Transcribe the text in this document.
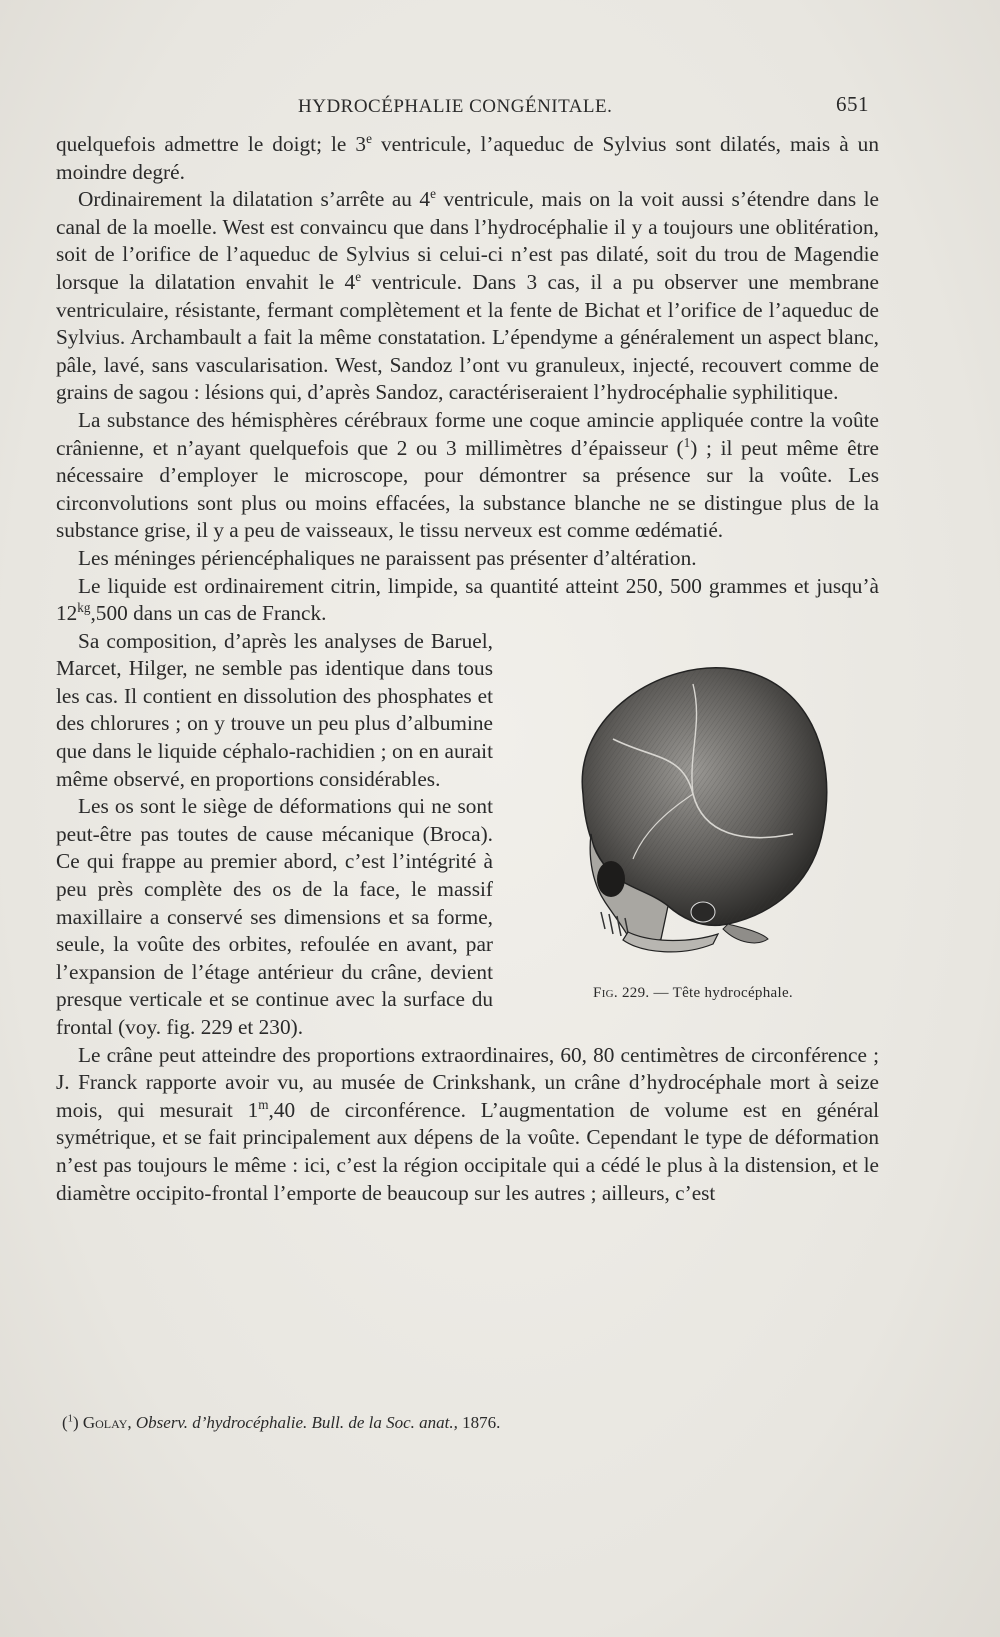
HYDROCÉPHALIE CONGÉNITALE.	651

quelquefois admettre le doigt; le 3e ventricule, l’aqueduc de Sylvius sont dilatés, mais à un moindre degré.

Ordinairement la dilatation s’arrête au 4e ventricule, mais on la voit aussi s’étendre dans le canal de la moelle. West est convaincu que dans l’hydrocéphalie il y a toujours une oblitération, soit de l’orifice de l’aqueduc de Sylvius si celui-ci n’est pas dilaté, soit du trou de Magendie lorsque la dilatation envahit le 4e ventricule. Dans 3 cas, il a pu observer une membrane ventriculaire, résistante, fermant complètement et la fente de Bichat et l’orifice de l’aqueduc de Sylvius. Archambault a fait la même constatation. L’épendyme a généralement un aspect blanc, pâle, lavé, sans vascularisation. West, Sandoz l’ont vu granuleux, injecté, recouvert comme de grains de sagou : lésions qui, d’après Sandoz, caractériseraient l’hydrocéphalie syphilitique.

La substance des hémisphères cérébraux forme une coque amincie appliquée contre la voûte crânienne, et n’ayant quelquefois que 2 ou 3 millimètres d’épaisseur ($^1$) ; il peut même être nécessaire d’employer le microscope, pour démontrer sa présence sur la voûte. Les circonvolutions sont plus ou moins effacées, la substance blanche ne se distingue plus de la substance grise, il y a peu de vaisseaux, le tissu nerveux est comme œdématié.

Les méninges périencéphaliques ne paraissent pas présenter d’altération.

Le liquide est ordinairement citrin, limpide, sa quantité atteint 250, 500 grammes et jusqu’à $12^{kg},500$ dans un cas de Franck.

Fig. 229. — Tête hydrocéphale.

Sa composition, d’après les analyses de Baruel, Marcet, Hilger, ne semble pas identique dans tous les cas. Il contient en dissolution des phosphates et des chlorures ; on y trouve un peu plus d’albumine que dans le liquide céphalo-rachidien ; on en aurait même observé, en proportions considérables.

Les os sont le siège de déformations qui ne sont peut-être pas toutes de cause mécanique (Broca). Ce qui frappe au premier abord, c’est l’intégrité à peu près complète des os de la face, le massif maxillaire a conservé ses dimensions et sa forme, seule, la voûte des orbites, refoulée en avant, par l’expansion de l’étage antérieur du crâne, devient presque verticale et se continue avec la surface du frontal (voy. fig. 229 et 230).

Le crâne peut atteindre des proportions extraordinaires, 60, 80 centimètres de circonférence ; J. Franck rapporte avoir vu, au musée de Crinkshank, un crâne d’hydrocéphale mort à seize mois, qui mesurait 1$^m$,40 de circonférence. L’augmentation de volume est en général symétrique, et se fait principalement aux dépens de la voûte. Cependant le type de déformation n’est pas toujours le même : ici, c’est la région occipitale qui a cédé le plus à la distension, et le diamètre occipito-frontal l’emporte de beaucoup sur les autres ; ailleurs, c’est

($^1$) Golay, Observ. d’hydrocéphalie. Bull. de la Soc. anat., 1876.
